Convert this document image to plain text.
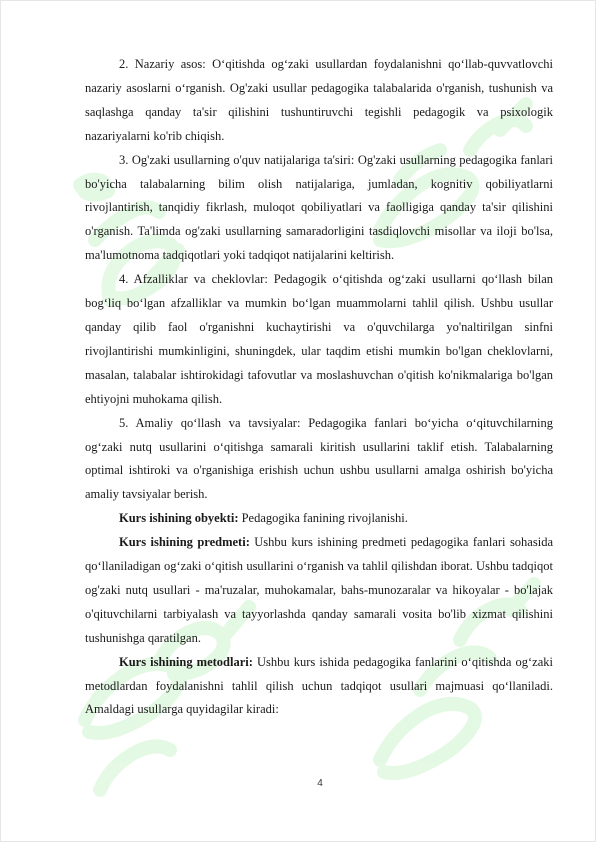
2. Nazariy asos: O‘qitishda og‘zaki usullardan foydalanishni qo‘llab-quvvatlovchi nazariy asoslarni o‘rganish. Og'zaki usullar pedagogika talabalarida o'rganish, tushunish va saqlashga qanday ta'sir qilishini tushuntiruvchi tegishli pedagogik va psixologik nazariyalarni ko'rib chiqish.

3. Og'zaki usullarning o'quv natijalariga ta'siri: Og'zaki usullarning pedagogika fanlari bo'yicha talabalarning bilim olish natijalariga, jumladan, kognitiv qobiliyatlarni rivojlantirish, tanqidiy fikrlash, muloqot qobiliyatlari va faolligiga qanday ta'sir qilishini o'rganish. Ta'limda og'zaki usullarning samaradorligini tasdiqlovchi misollar va iloji bo'lsa, ma'lumotnoma tadqiqotlari yoki tadqiqot natijalarini keltirish.

4. Afzalliklar va cheklovlar: Pedagogik o‘qitishda og‘zaki usullarni qo‘llash bilan bog‘liq bo‘lgan afzalliklar va mumkin bo‘lgan muammolarni tahlil qilish. Ushbu usullar qanday qilib faol o'rganishni kuchaytirishi va o'quvchilarga yo'naltirilgan sinfni rivojlantirishi mumkinligini, shuningdek, ular taqdim etishi mumkin bo'lgan cheklovlarni, masalan, talabalar ishtirokidagi tafovutlar va moslashuvchan o'qitish ko'nikmalariga bo'lgan ehtiyojni muhokama qilish.

5. Amaliy qo‘llash va tavsiyalar: Pedagogika fanlari bo‘yicha o‘qituvchilarning og‘zaki nutq usullarini o‘qitishga samarali kiritish usullarini taklif etish. Talabalarning optimal ishtiroki va o'rganishiga erishish uchun ushbu usullarni amalga oshirish bo'yicha amaliy tavsiyalar berish.

Kurs ishining obyekti: Pedagogika fanining rivojlanishi.

Kurs ishining predmeti: Ushbu kurs ishining predmeti pedagogika fanlari sohasida qo‘llaniladigan og‘zaki o‘qitish usullarini o‘rganish va tahlil qilishdan iborat. Ushbu tadqiqot og'zaki nutq usullari - ma'ruzalar, muhokamalar, bahs-munozaralar va hikoyalar - bo'lajak o'qituvchilarni tarbiyalash va tayyorlashda qanday samarali vosita bo'lib xizmat qilishini tushunishga qaratilgan.

Kurs ishining metodlari: Ushbu kurs ishida pedagogika fanlarini o‘qitishda og‘zaki metodlardan foydalanishni tahlil qilish uchun tadqiqot usullari majmuasi qo‘llaniladi. Amaldagi usullarga quyidagilar kiradi:

4
